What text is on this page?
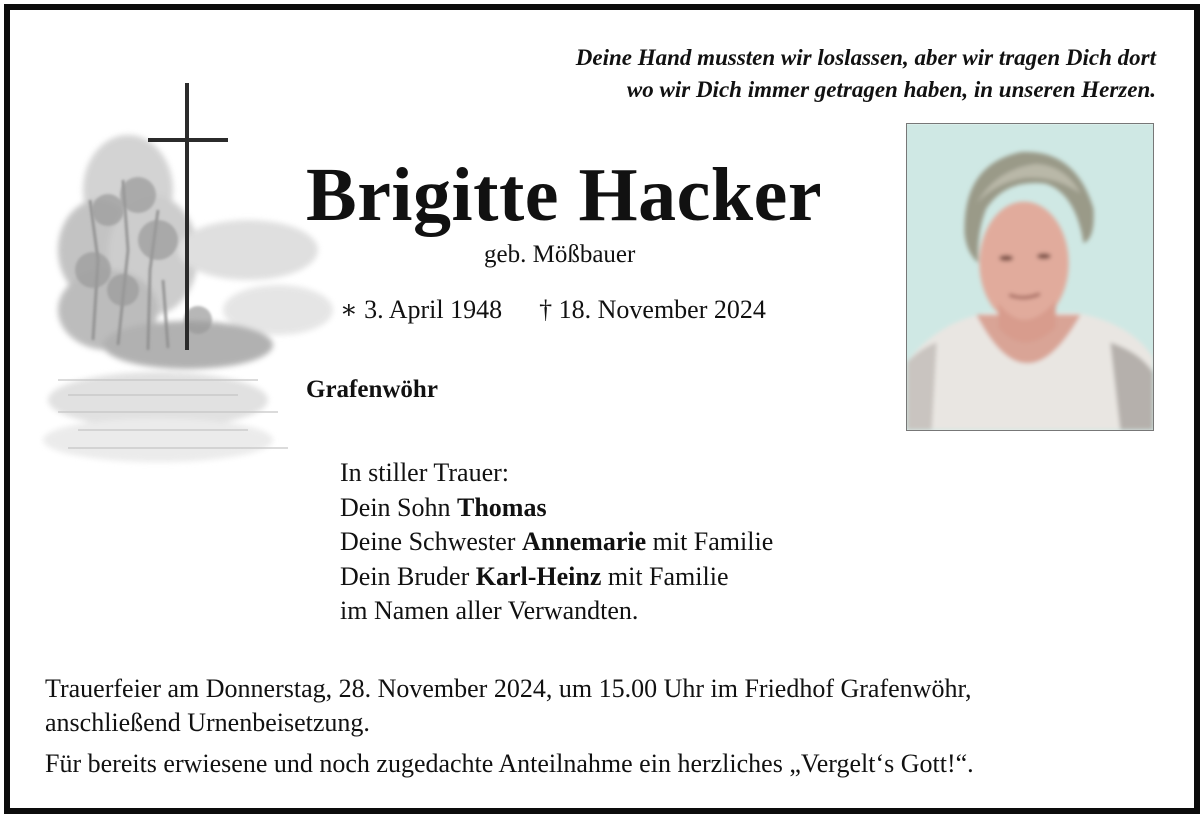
Deine Hand mussten wir loslassen, aber wir tragen Dich dort
wo wir Dich immer getragen haben, in unseren Herzen.
Brigitte Hacker
geb. Mößbauer
∗ 3. April 1948 † 18. November 2024
Grafenwöhr
In stiller Trauer:
Dein Sohn Thomas
Deine Schwester Annemarie mit Familie
Dein Bruder Karl-Heinz mit Familie
im Namen aller Verwandten.
Trauerfeier am Donnerstag, 28. November 2024, um 15.00 Uhr im Friedhof Grafenwöhr,
anschließend Urnenbeisetzung.
Für bereits erwiesene und noch zugedachte Anteilnahme ein herzliches „Vergelt‘s Gott!“.
